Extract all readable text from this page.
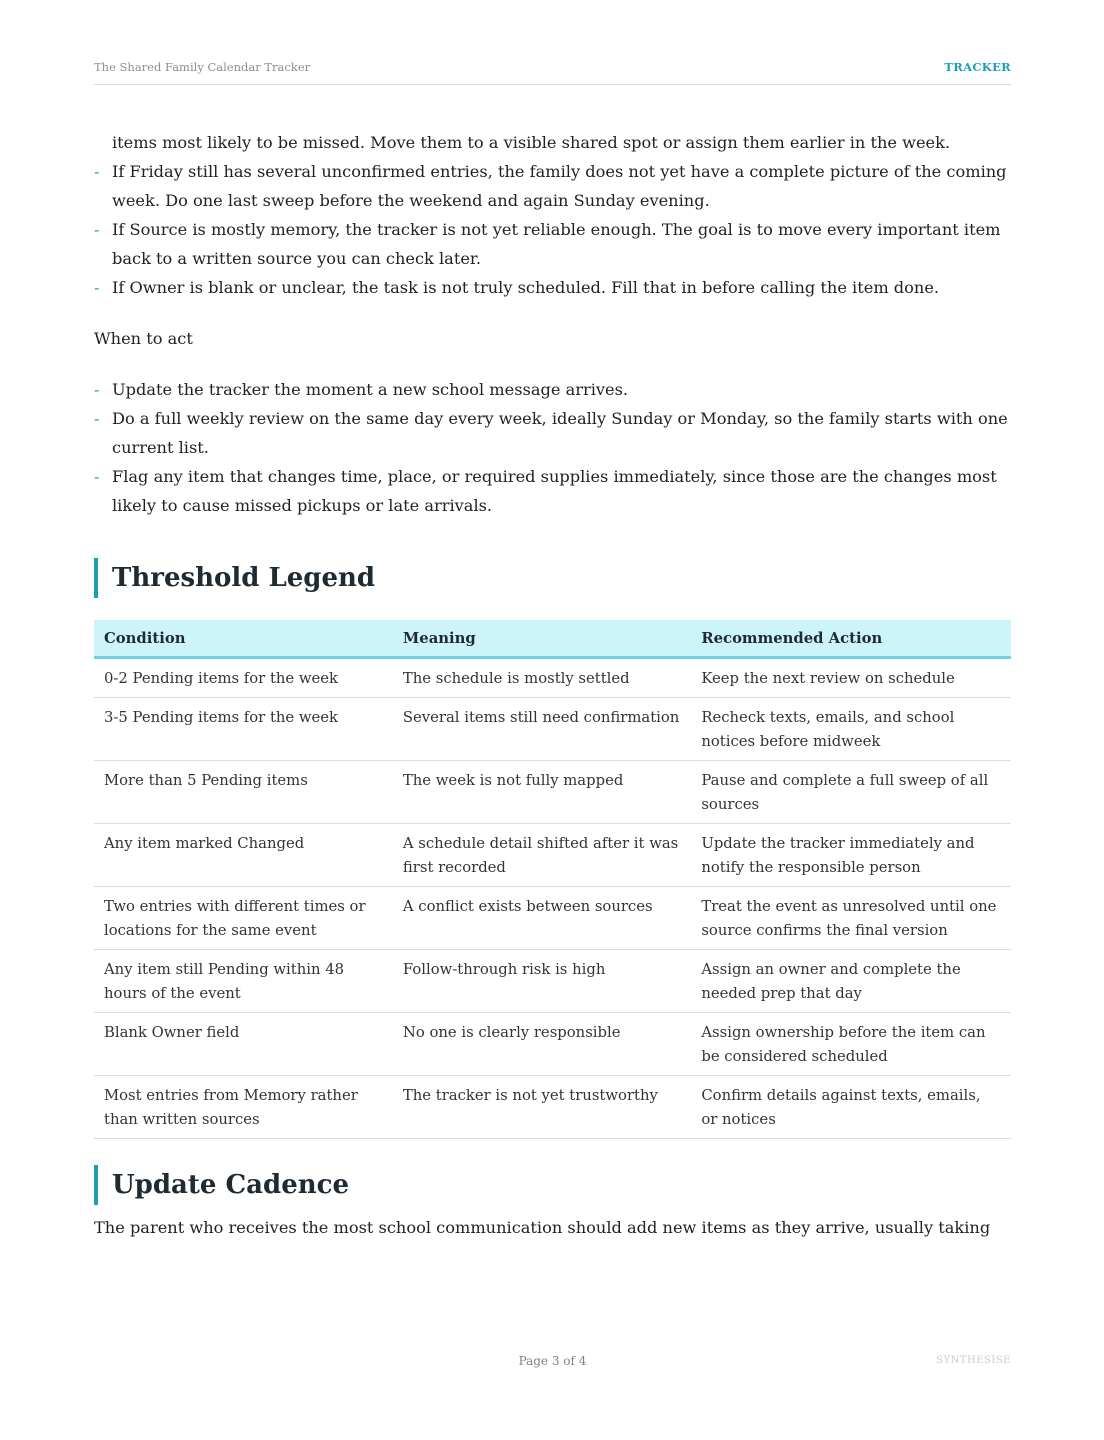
The Shared Family Calendar Tracker	TRACKER
items most likely to be missed. Move them to a visible shared spot or assign them earlier in the week.
- If Friday still has several unconfirmed entries, the family does not yet have a complete picture of the coming week. Do one last sweep before the weekend and again Sunday evening.
- If Source is mostly memory, the tracker is not yet reliable enough. The goal is to move every important item back to a written source you can check later.
- If Owner is blank or unclear, the task is not truly scheduled. Fill that in before calling the item done.
When to act
- Update the tracker the moment a new school message arrives.
- Do a full weekly review on the same day every week, ideally Sunday or Monday, so the family starts with one current list.
- Flag any item that changes time, place, or required supplies immediately, since those are the changes most likely to cause missed pickups or late arrivals.
Threshold Legend
Condition	Meaning	Recommended Action
0-2 Pending items for the week	The schedule is mostly settled	Keep the next review on schedule
3-5 Pending items for the week	Several items still need confirmation	Recheck texts, emails, and school notices before midweek
More than 5 Pending items	The week is not fully mapped	Pause and complete a full sweep of all sources
Any item marked Changed	A schedule detail shifted after it was first recorded	Update the tracker immediately and notify the responsible person
Two entries with different times or locations for the same event	A conflict exists between sources	Treat the event as unresolved until one source confirms the final version
Any item still Pending within 48 hours of the event	Follow-through risk is high	Assign an owner and complete the needed prep that day
Blank Owner field	No one is clearly responsible	Assign ownership before the item can be considered scheduled
Most entries from Memory rather than written sources	The tracker is not yet trustworthy	Confirm details against texts, emails, or notices
Update Cadence
The parent who receives the most school communication should add new items as they arrive, usually taking
Page 3 of 4	SYNTHESISE
